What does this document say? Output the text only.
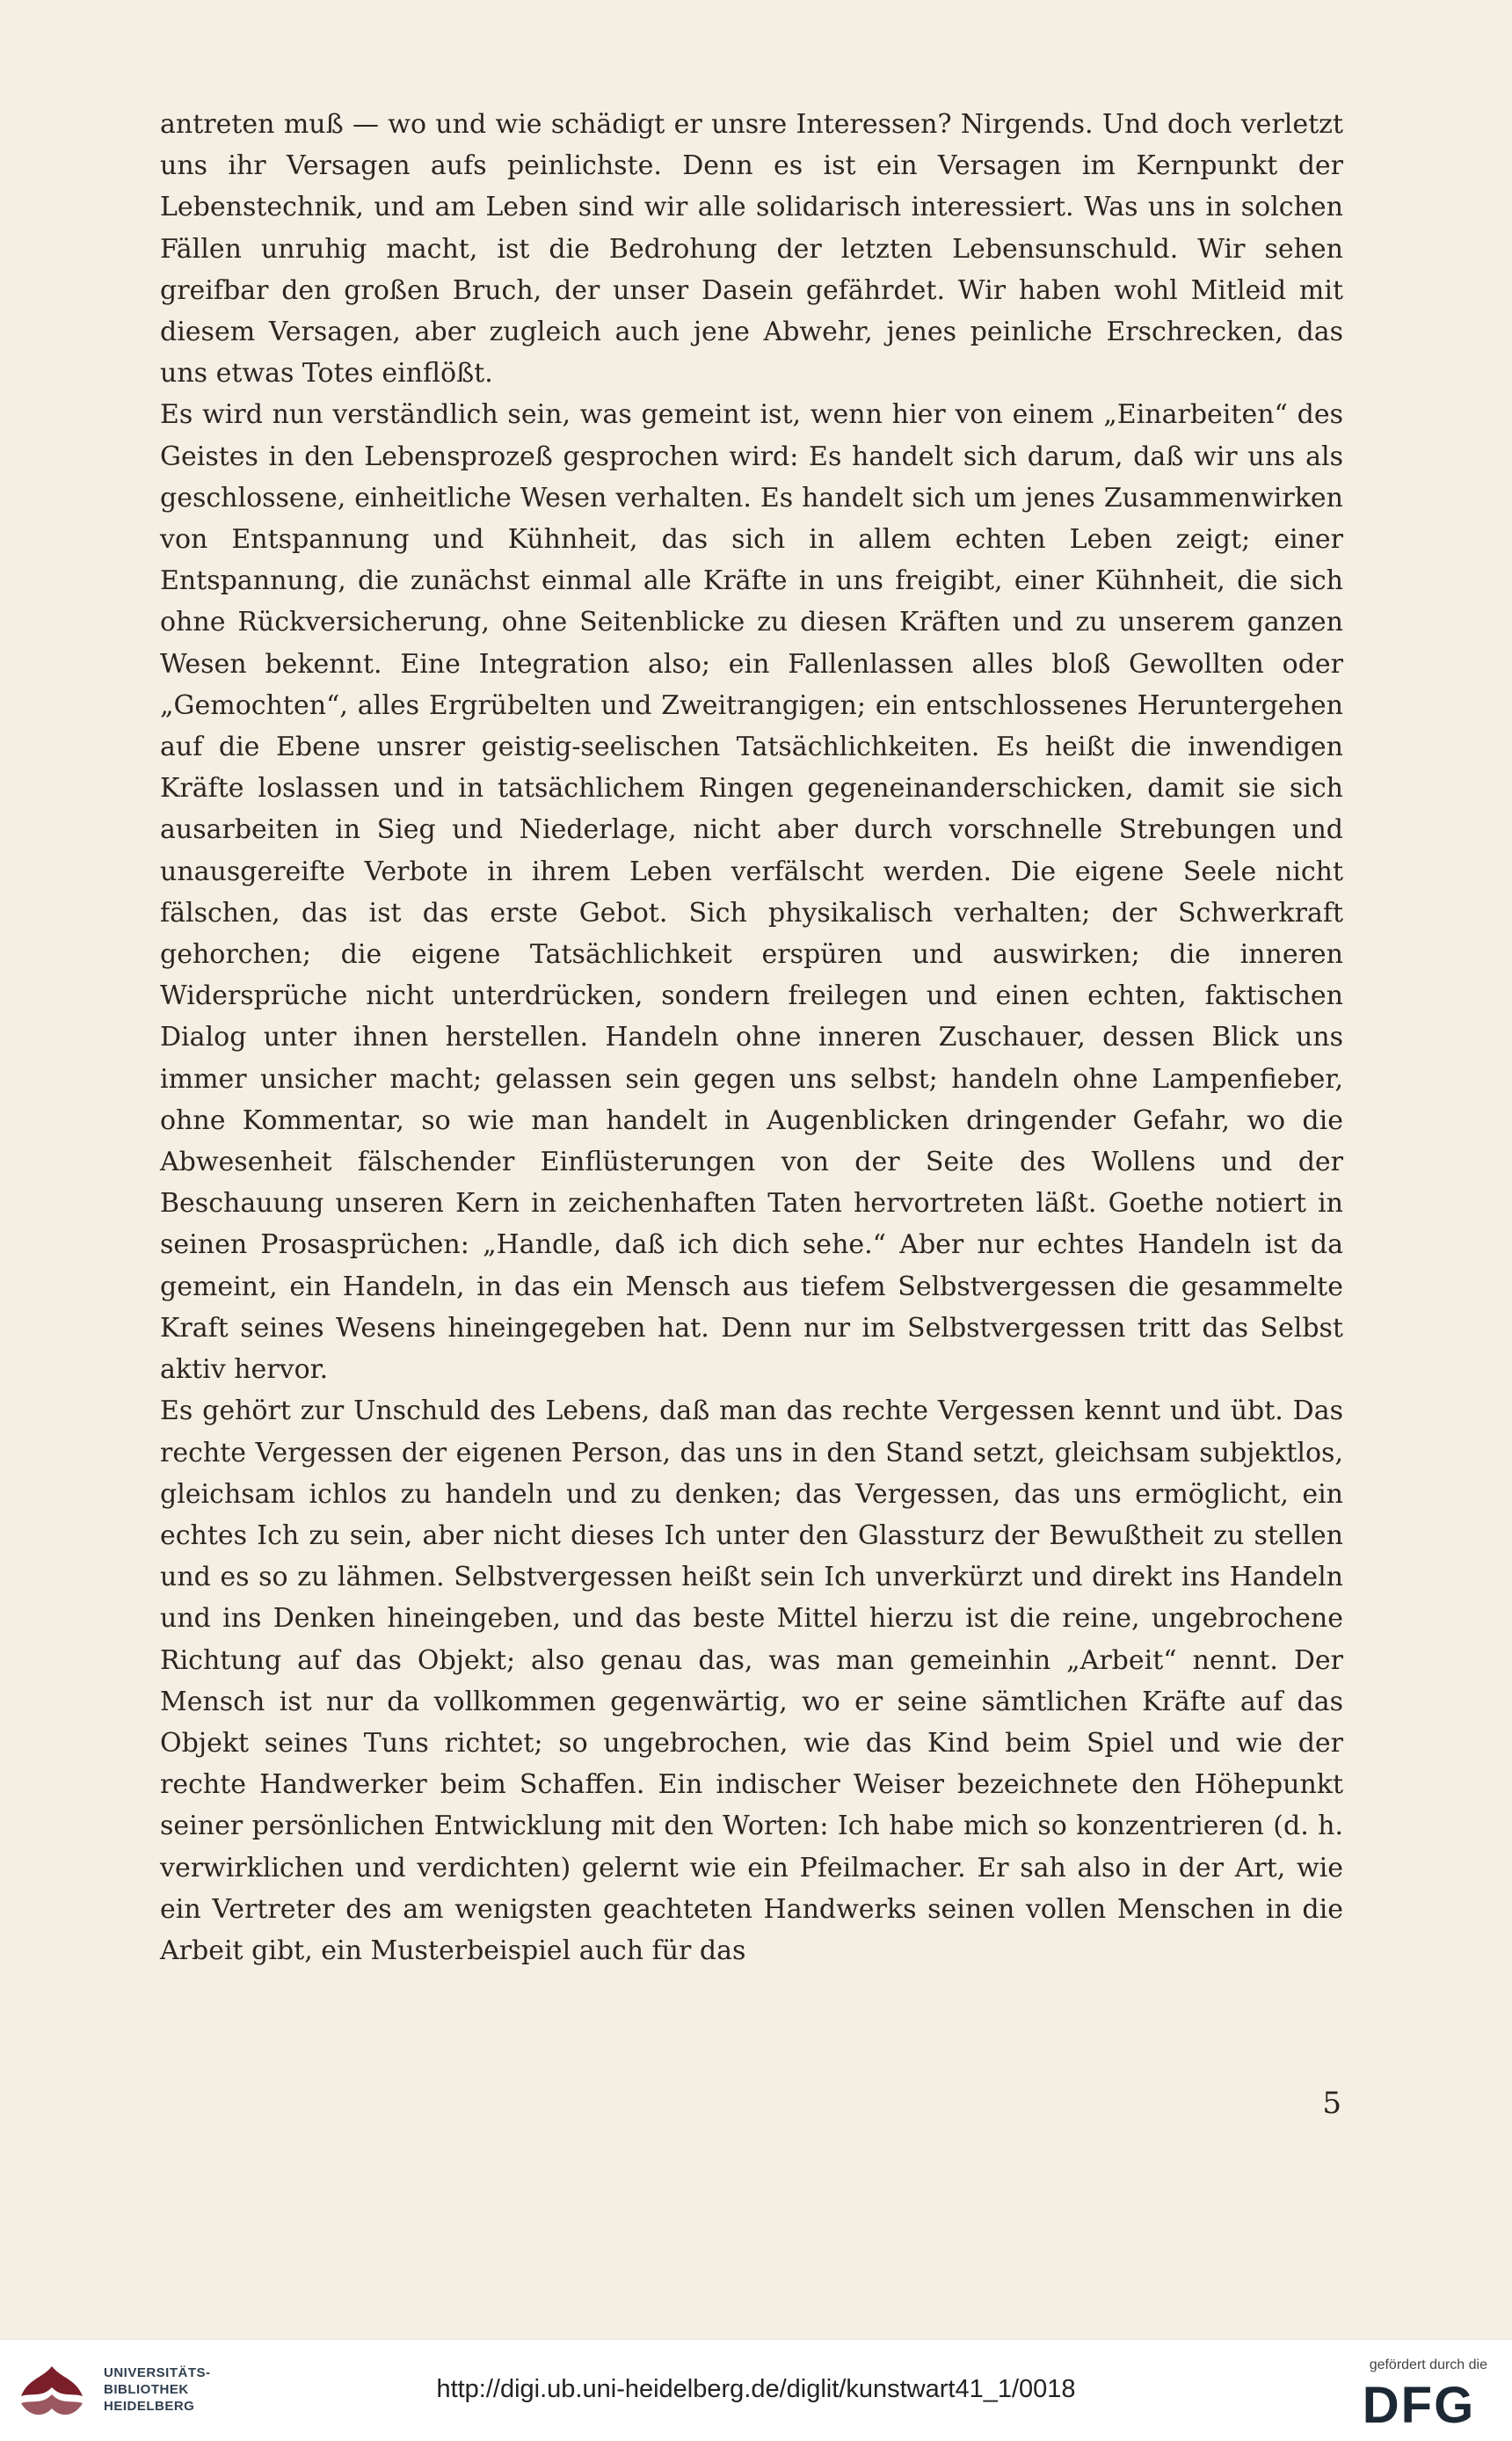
antreten muß — wo und wie schädigt er unsre Interessen? Nirgends. Und doch verletzt uns ihr Versagen aufs peinlichste. Denn es ist ein Versagen im Kernpunkt der Lebenstechnik, und am Leben sind wir alle solidarisch interessiert. Was uns in solchen Fällen unruhig macht, ist die Bedrohung der letzten Lebensunschuld. Wir sehen greifbar den großen Bruch, der unser Dasein gefährdet. Wir haben wohl Mitleid mit diesem Versagen, aber zugleich auch jene Abwehr, jenes peinliche Erschrecken, das uns etwas Totes einflößt.

Es wird nun verständlich sein, was gemeint ist, wenn hier von einem „Einarbeiten“ des Geistes in den Lebensprozeß gesprochen wird: Es handelt sich darum, daß wir uns als geschlossene, einheitliche Wesen verhalten. Es handelt sich um jenes Zusammenwirken von Entspannung und Kühnheit, das sich in allem echten Leben zeigt; einer Entspannung, die zunächst einmal alle Kräfte in uns freigibt, einer Kühnheit, die sich ohne Rückversicherung, ohne Seitenblicke zu diesen Kräften und zu unserem ganzen Wesen bekennt. Eine Integration also; ein Fallenlassen alles bloß Gewollten oder „Gemochten“, alles Ergrübelten und Zweitrangigen; ein entschlossenes Heruntergehen auf die Ebene unsrer geistig-seelischen Tatsächlichkeiten. Es heißt die inwendigen Kräfte loslassen und in tatsächlichem Ringen gegeneinanderschicken, damit sie sich ausarbeiten in Sieg und Niederlage, nicht aber durch vorschnelle Strebungen und unausgereifte Verbote in ihrem Leben verfälscht werden. Die eigene Seele nicht fälschen, das ist das erste Gebot. Sich physikalisch verhalten; der Schwerkraft gehorchen; die eigene Tatsächlichkeit erspüren und auswirken; die inneren Widersprüche nicht unterdrücken, sondern freilegen und einen echten, faktischen Dialog unter ihnen herstellen. Handeln ohne inneren Zuschauer, dessen Blick uns immer unsicher macht; gelassen sein gegen uns selbst; handeln ohne Lampenfieber, ohne Kommentar, so wie man handelt in Augenblicken dringender Gefahr, wo die Abwesenheit fälschender Einflüsterungen von der Seite des Wollens und der Beschauung unseren Kern in zeichenhaften Taten hervortreten läßt. Goethe notiert in seinen Prosasprüchen: „Handle, daß ich dich sehe.“ Aber nur echtes Handeln ist da gemeint, ein Handeln, in das ein Mensch aus tiefem Selbstvergessen die gesammelte Kraft seines Wesens hineingegeben hat. Denn nur im Selbstvergessen tritt das Selbst aktiv hervor.

Es gehört zur Unschuld des Lebens, daß man das rechte Vergessen kennt und übt. Das rechte Vergessen der eigenen Person, das uns in den Stand setzt, gleichsam subjektlos, gleichsam ichlos zu handeln und zu denken; das Vergessen, das uns ermöglicht, ein echtes Ich zu sein, aber nicht dieses Ich unter den Glassturz der Bewußtheit zu stellen und es so zu lähmen. Selbstvergessen heißt sein Ich unverkürzt und direkt ins Handeln und ins Denken hineingeben, und das beste Mittel hierzu ist die reine, ungebrochene Richtung auf das Objekt; also genau das, was man gemeinhin „Arbeit“ nennt. Der Mensch ist nur da vollkommen gegenwärtig, wo er seine sämtlichen Kräfte auf das Objekt seines Tuns richtet; so ungebrochen, wie das Kind beim Spiel und wie der rechte Handwerker beim Schaffen. Ein indischer Weiser bezeichnete den Höhepunkt seiner persönlichen Entwicklung mit den Worten: Ich habe mich so konzentrieren (d. h. verwirklichen und verdichten) gelernt wie ein Pfeilmacher. Er sah also in der Art, wie ein Vertreter des am wenigsten geachteten Handwerks seinen vollen Menschen in die Arbeit gibt, ein Musterbeispiel auch für das

5
UNIVERSITÄTS-
BIBLIOTHEK
HEIDELBERG
http://digi.ub.uni-heidelberg.de/diglit/kunstwart41_1/0018
gefördert durch die
DFG
